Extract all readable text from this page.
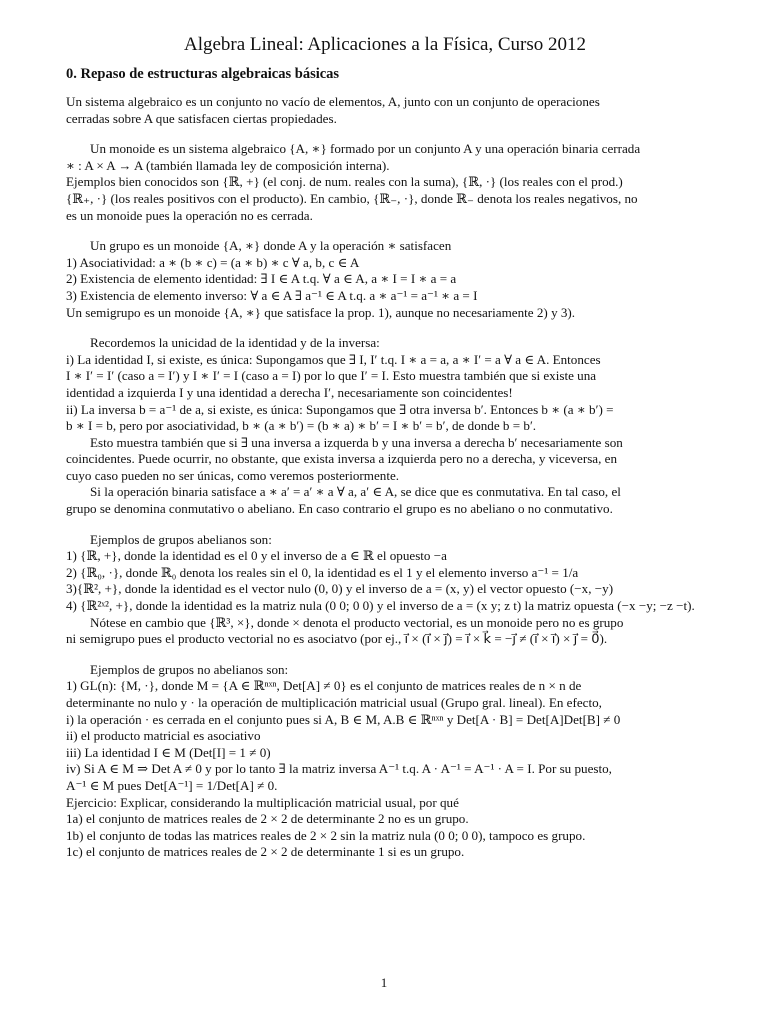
Algebra Lineal: Aplicaciones a la Física, Curso 2012
0. Repaso de estructuras algebraicas básicas

Un sistema algebraico es un conjunto no vacío de elementos, A, junto con un conjunto de operaciones
cerradas sobre A que satisfacen ciertas propiedades.

Un monoide es un sistema algebraico {A, ∗} formado por un conjunto A y una operación binaria cerrada
∗ : A × A → A (también llamada ley de composición interna).
Ejemplos bien conocidos son {ℝ, +} (el conj. de num. reales con la suma), {ℝ, ·} (los reales con el prod.)
{ℝ₊, ·} (los reales positivos con el producto). En cambio, {ℝ₋, ·}, donde ℝ₋ denota los reales negativos, no
es un monoide pues la operación no es cerrada.

Un grupo es un monoide {A, ∗} donde A y la operación ∗ satisfacen
1) Asociatividad: a ∗ (b ∗ c) = (a ∗ b) ∗ c ∀ a, b, c ∈ A
2) Existencia de elemento identidad: ∃ I ∈ A t.q. ∀ a ∈ A, a ∗ I = I ∗ a = a
3) Existencia de elemento inverso: ∀ a ∈ A ∃ a⁻¹ ∈ A t.q. a ∗ a⁻¹ = a⁻¹ ∗ a = I
Un semigrupo es un monoide {A, ∗} que satisface la prop. 1), aunque no necesariamente 2) y 3).

Recordemos la unicidad de la identidad y de la inversa:
i) La identidad I, si existe, es única: Supongamos que ∃ I, I′ t.q. I ∗ a = a, a ∗ I′ = a ∀ a ∈ A. Entonces
I ∗ I′ = I′ (caso a = I′) y I ∗ I′ = I (caso a = I) por lo que I′ = I. Esto muestra también que si existe una
identidad a izquierda I y una identidad a derecha I′, necesariamente son coincidentes!
ii) La inversa b = a⁻¹ de a, si existe, es única: Supongamos que ∃ otra inversa b′. Entonces b ∗ (a ∗ b′) =
b ∗ I = b, pero por asociatividad, b ∗ (a ∗ b′) = (b ∗ a) ∗ b′ = I ∗ b′ = b′, de donde b = b′.
Esto muestra también que si ∃ una inversa a izquerda b y una inversa a derecha b′ necesariamente son
coincidentes. Puede ocurrir, no obstante, que exista inversa a izquierda pero no a derecha, y viceversa, en
cuyo caso pueden no ser únicas, como veremos posteriormente.
Si la operación binaria satisface a ∗ a′ = a′ ∗ a ∀ a, a′ ∈ A, se dice que es conmutativa. En tal caso, el
grupo se denomina conmutativo o abeliano. En caso contrario el grupo es no abeliano o no conmutativo.

Ejemplos de grupos abelianos son:
1) {ℝ, +}, donde la identidad es el 0 y el inverso de a ∈ ℝ el opuesto −a
2) {ℝ₀, ·}, donde ℝ₀ denota los reales sin el 0, la identidad es el 1 y el elemento inverso a⁻¹ = 1/a
3){ℝ², +}, donde la identidad es el vector nulo (0, 0) y el inverso de a = (x, y) el vector opuesto (−x, −y)
4) {ℝ²ˣ², +}, donde la identidad es la matriz nula (0 0; 0 0) y el inverso de a = (x y; z t) la matriz opuesta (−x −y; −z −t).
Nótese en cambio que {ℝ³, ×}, donde × denota el producto vectorial, es un monoide pero no es grupo
ni semigrupo pues el producto vectorial no es asociatvo (por ej., i⃗ × (i⃗ × j⃗) = i⃗ × k⃗ = −j⃗ ≠ (i⃗ × i⃗) × j⃗ = 0⃗).

Ejemplos de grupos no abelianos son:
1) GL(n): {M, ·}, donde M = {A ∈ ℝⁿˣⁿ, Det[A] ≠ 0} es el conjunto de matrices reales de n × n de
determinante no nulo y · la operación de multiplicación matricial usual (Grupo gral. lineal). En efecto,
i) la operación · es cerrada en el conjunto pues si A, B ∈ M, A.B ∈ ℝⁿˣⁿ y Det[A · B] = Det[A]Det[B] ≠ 0
ii) el producto matricial es asociativo
iii) La identidad I ∈ M (Det[I] = 1 ≠ 0)
iv) Si A ∈ M ⇒ Det A ≠ 0 y por lo tanto ∃ la matriz inversa A⁻¹ t.q. A · A⁻¹ = A⁻¹ · A = I. Por su puesto,
A⁻¹ ∈ M pues Det[A⁻¹] = 1/Det[A] ≠ 0.
Ejercicio: Explicar, considerando la multiplicación matricial usual, por qué
1a) el conjunto de matrices reales de 2 × 2 de determinante 2 no es un grupo.
1b) el conjunto de todas las matrices reales de 2 × 2 sin la matriz nula (0 0; 0 0), tampoco es grupo.
1c) el conjunto de matrices reales de 2 × 2 de determinante 1 si es un grupo.

1
